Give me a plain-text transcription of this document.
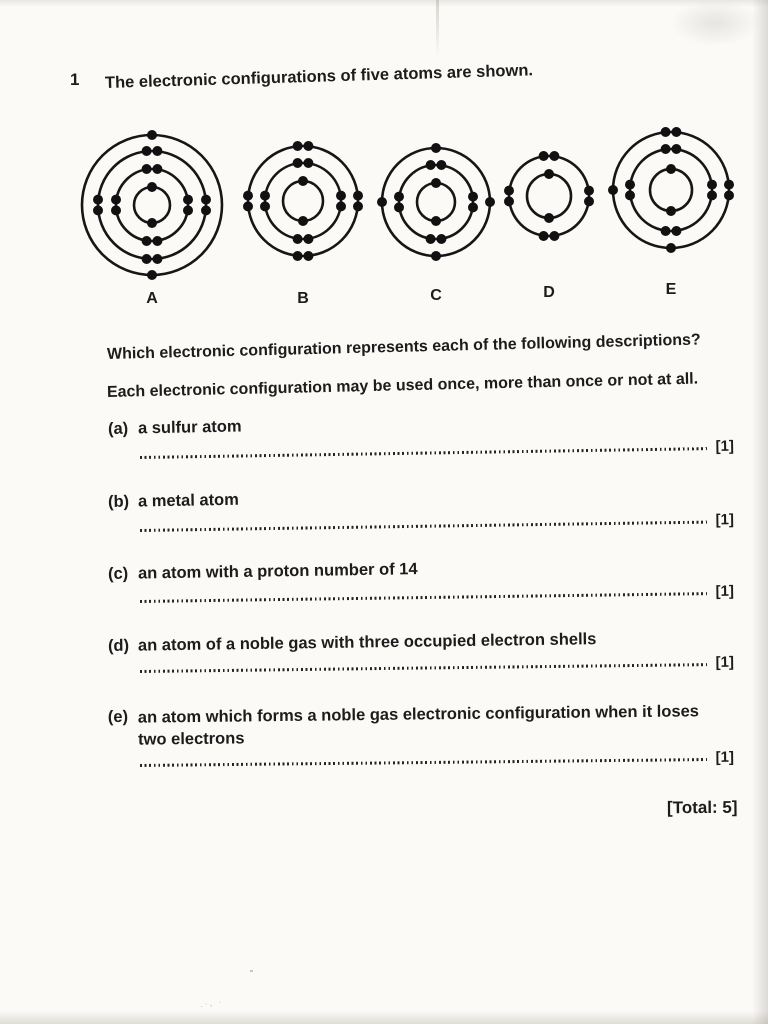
.·, ·
1 The electronic configurations of five atoms are shown.
A	B	C	D	E
Which electronic configuration represents each of the following descriptions?
Each electronic configuration may be used once, more than once or not at all.
(a) a sulfur atom
[1]
(b) a metal atom
[1]
(c) an atom with a proton number of 14
[1]
(d) an atom of a noble gas with three occupied electron shells
[1]
(e) an atom which forms a noble gas electronic configuration when it loses two electrons
[1]
[Total: 5]
